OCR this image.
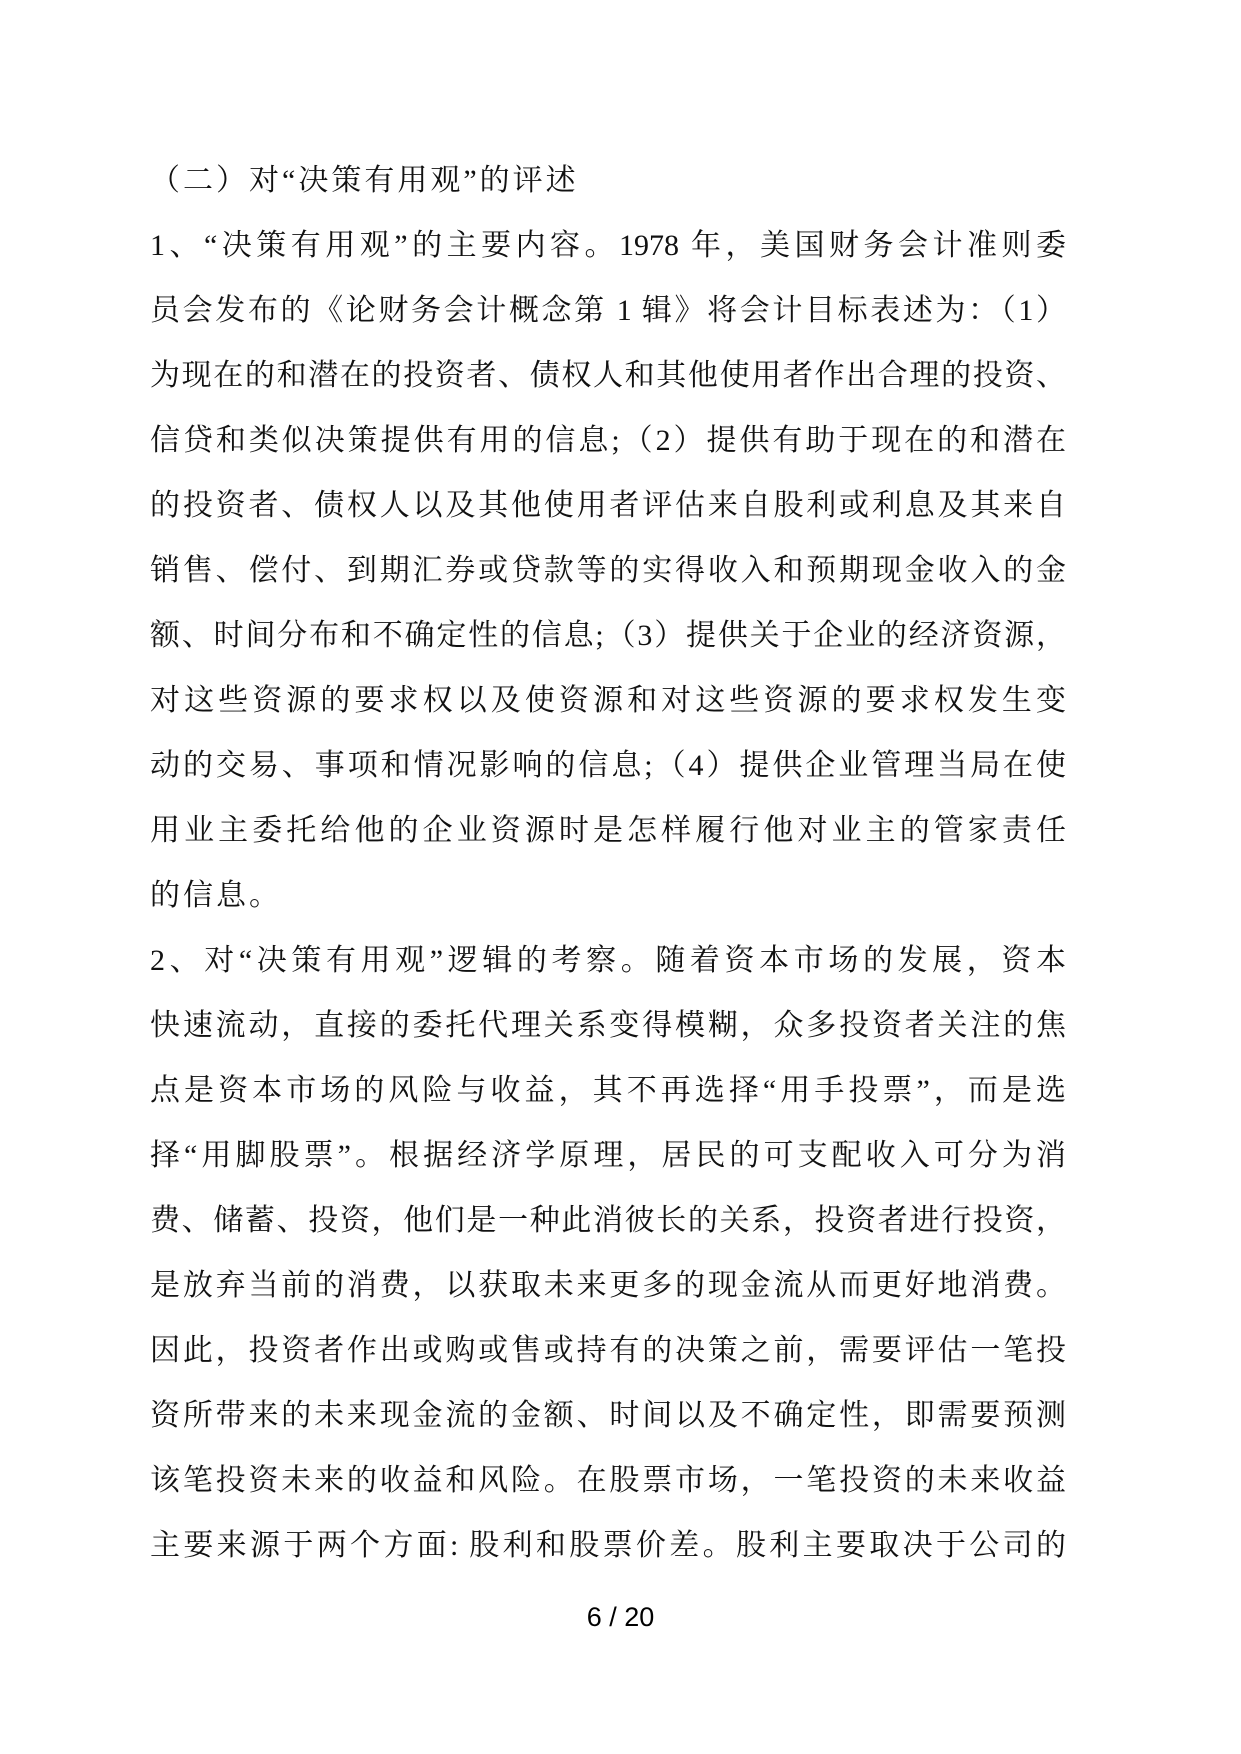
（二）对“决策有用观”的评述
1、“决策有用观”的主要内容。1978 年，美国财务会计准则委
员会发布的《论财务会计概念第 1 辑》将会计目标表述为：（1）
为现在的和潜在的投资者、债权人和其他使用者作出合理的投资、
信贷和类似决策提供有用的信息;（2）提供有助于现在的和潜在
的投资者、债权人以及其他使用者评估来自股利或利息及其来自
销售、偿付、到期汇券或贷款等的实得收入和预期现金收入的金
额、时间分布和不确定性的信息;（3）提供关于企业的经济资源，
对这些资源的要求权以及使资源和对这些资源的要求权发生变
动的交易、事项和情况影响的信息;（4）提供企业管理当局在使
用业主委托给他的企业资源时是怎样履行他对业主的管家责任
的信息。
2、对“决策有用观”逻辑的考察。随着资本市场的发展，资本
快速流动，直接的委托代理关系变得模糊，众多投资者关注的焦
点是资本市场的风险与收益，其不再选择“用手投票”，而是选
择“用脚股票”。根据经济学原理，居民的可支配收入可分为消
费、储蓄、投资，他们是一种此消彼长的关系，投资者进行投资，
是放弃当前的消费，以获取未来更多的现金流从而更好地消费。
因此，投资者作出或购或售或持有的决策之前，需要评估一笔投
资所带来的未来现金流的金额、时间以及不确定性，即需要预测
该笔投资未来的收益和风险。在股票市场，一笔投资的未来收益
主要来源于两个方面: 股利和股票价差。股利主要取决于公司的
6 / 20
